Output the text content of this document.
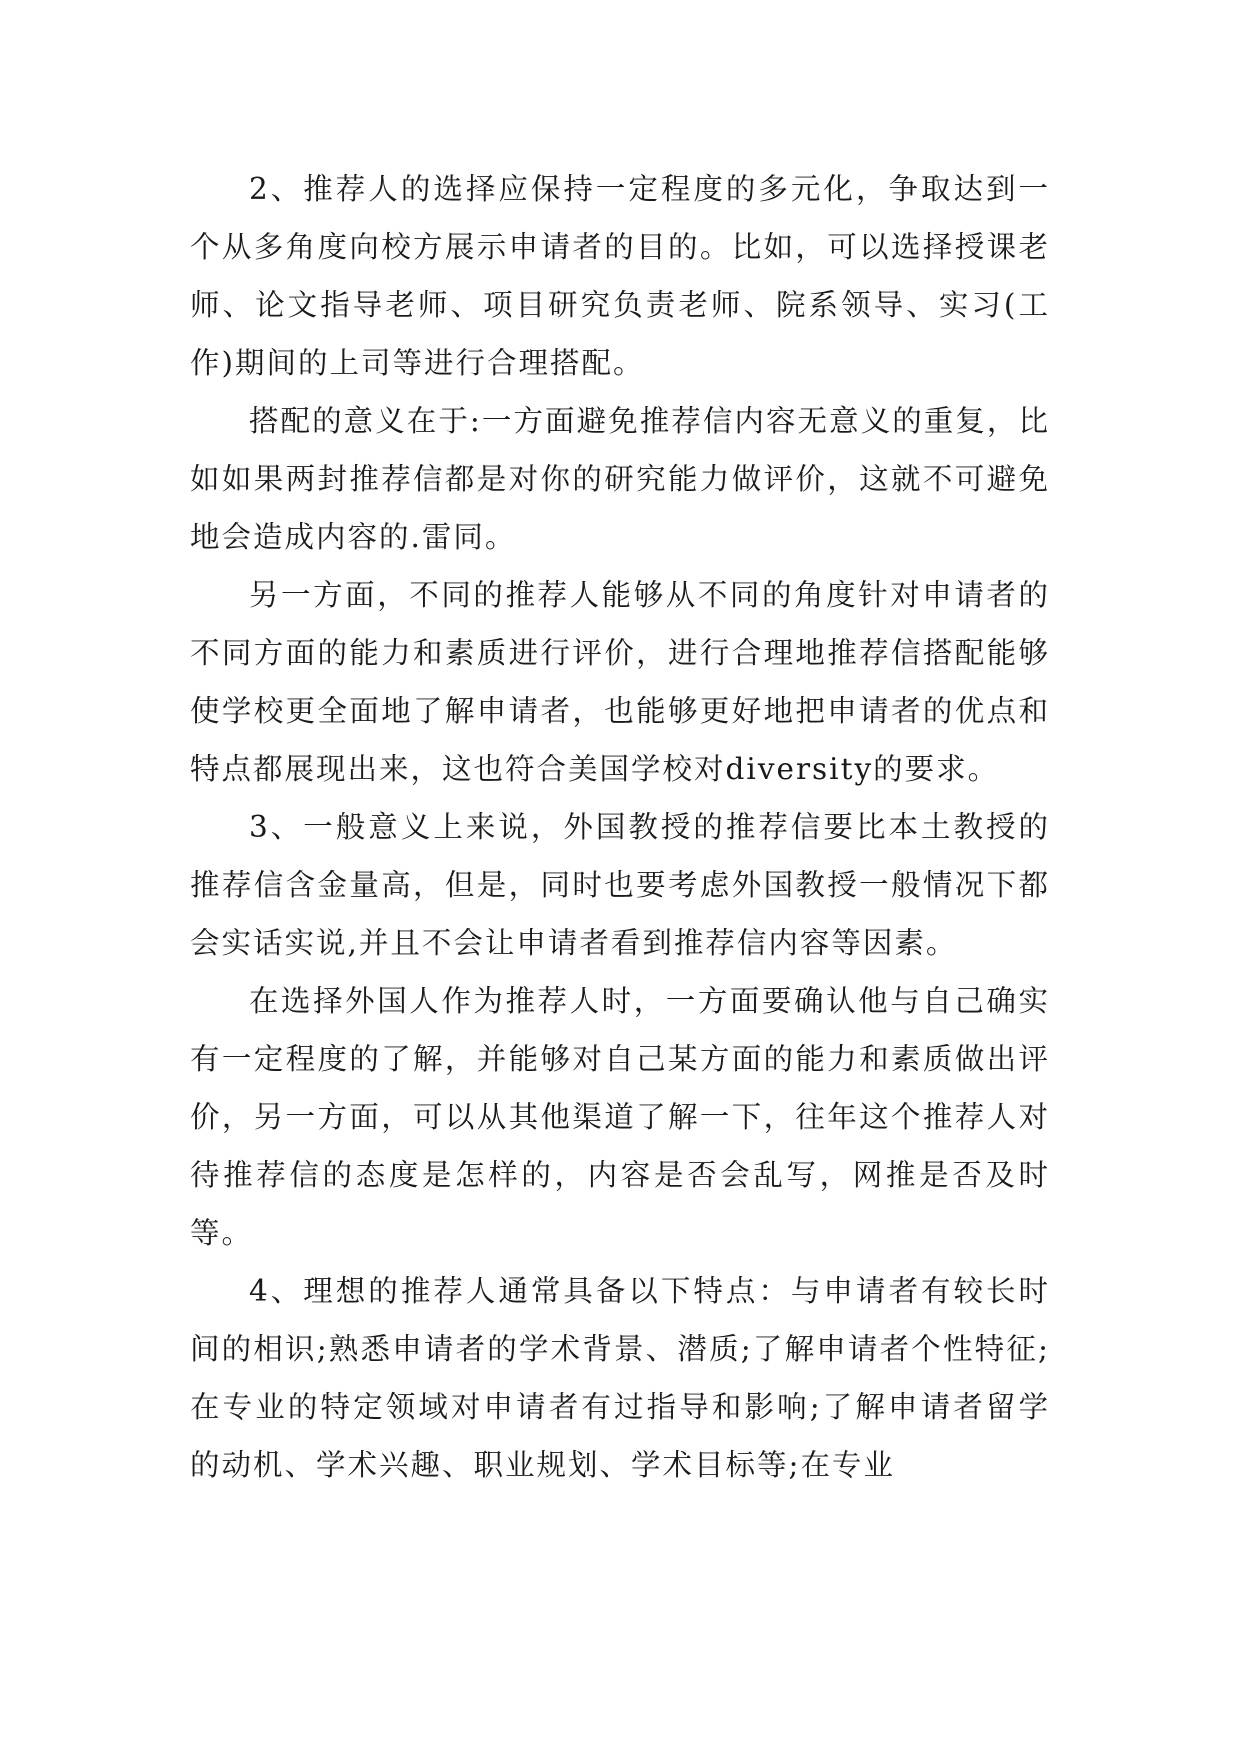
2、推荐人的选择应保持一定程度的多元化，争取达到一个从多角度向校方展示申请者的目的。比如，可以选择授课老师、论文指导老师、项目研究负责老师、院系领导、实习(工作)期间的上司等进行合理搭配。

搭配的意义在于:一方面避免推荐信内容无意义的重复，比如如果两封推荐信都是对你的研究能力做评价，这就不可避免地会造成内容的.雷同。

另一方面，不同的推荐人能够从不同的角度针对申请者的不同方面的能力和素质进行评价，进行合理地推荐信搭配能够使学校更全面地了解申请者，也能够更好地把申请者的优点和特点都展现出来，这也符合美国学校对diversity的要求。

3、一般意义上来说，外国教授的推荐信要比本土教授的推荐信含金量高，但是，同时也要考虑外国教授一般情况下都会实话实说,并且不会让申请者看到推荐信内容等因素。

在选择外国人作为推荐人时，一方面要确认他与自己确实有一定程度的了解，并能够对自己某方面的能力和素质做出评价，另一方面，可以从其他渠道了解一下，往年这个推荐人对待推荐信的态度是怎样的，内容是否会乱写，网推是否及时等。

4、理想的推荐人通常具备以下特点：与申请者有较长时间的相识;熟悉申请者的学术背景、潜质;了解申请者个性特征;在专业的特定领域对申请者有过指导和影响;了解申请者留学的动机、学术兴趣、职业规划、学术目标等;在专业
